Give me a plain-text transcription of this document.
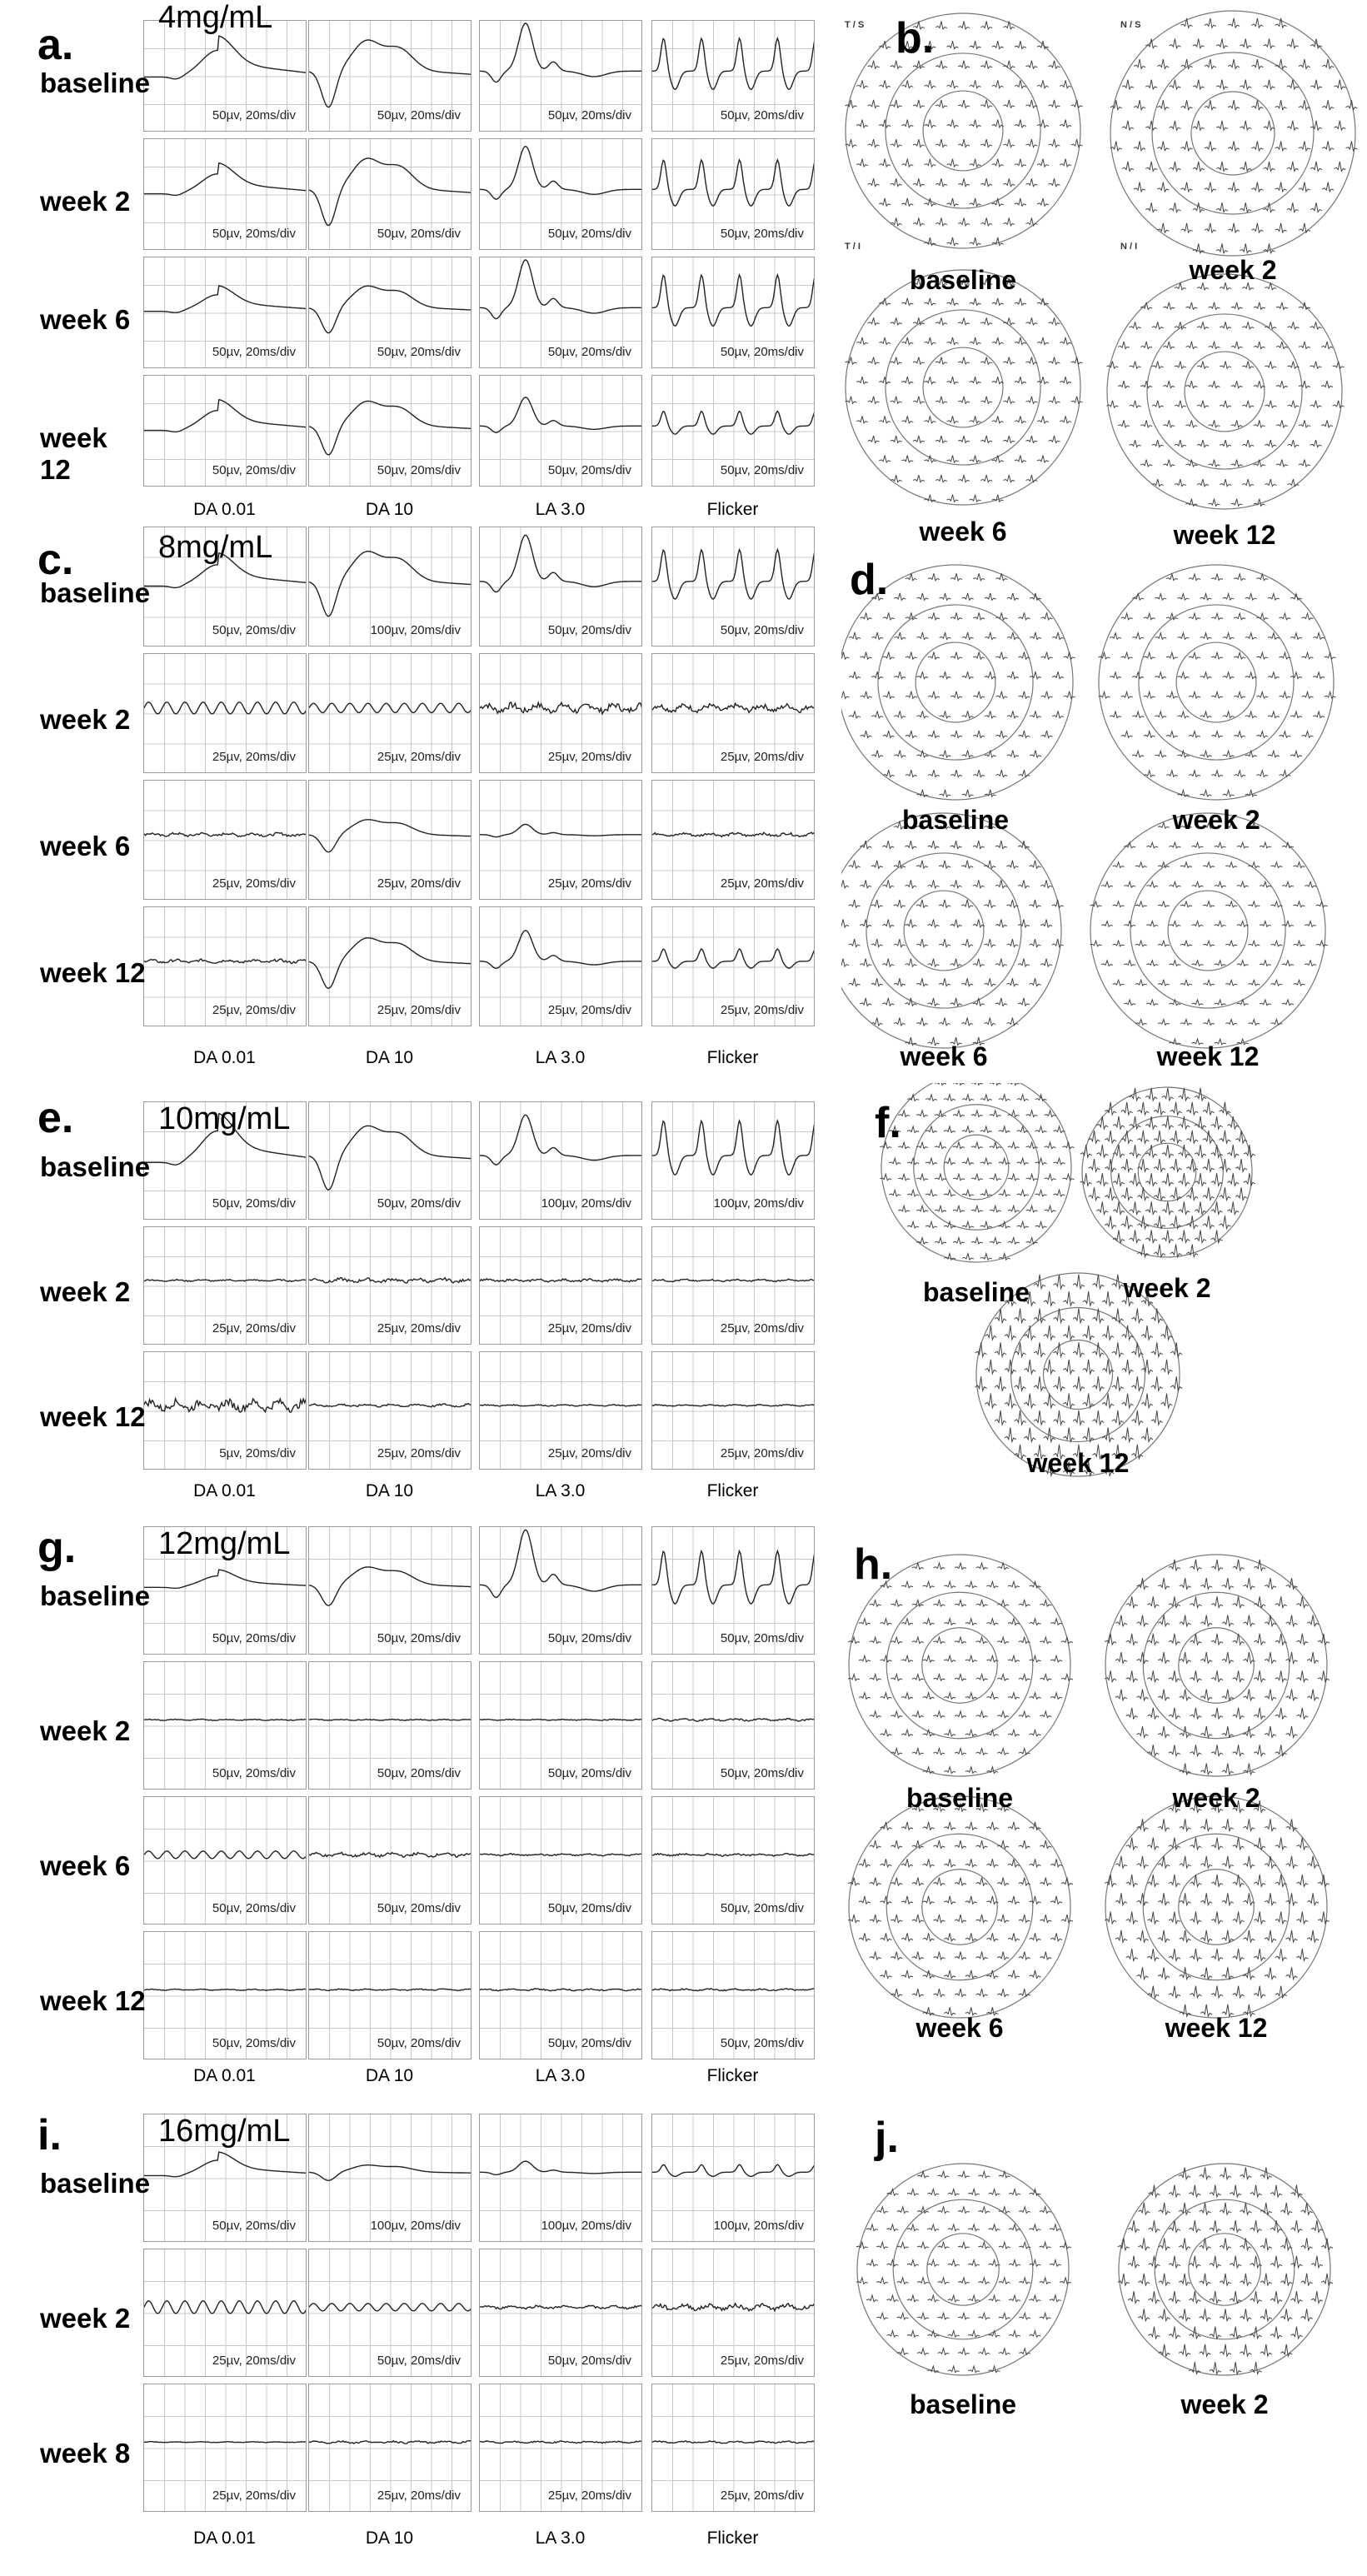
a.
4mg/mL
baseline
50µv, 20ms/div	50µv, 20ms/div	50µv, 20ms/div	50µv, 20ms/div
week 2
50µv, 20ms/div	50µv, 20ms/div	50µv, 20ms/div	50µv, 20ms/div
week 6
50µv, 20ms/div	50µv, 20ms/div	50µv, 20ms/div	50µv, 20ms/div
week 12	50µv, 20ms/div	50µv, 20ms/div	50µv, 20ms/div	50µv, 20ms/div
DA 0.01	DA 10	LA 3.0	Flicker
c.	8mg/mL
baseline
50µv, 20ms/div	100µv, 20ms/div	50µv, 20ms/div	50µv, 20ms/div
week 2
25µv, 20ms/div	25µv, 20ms/div	25µv, 20ms/div	25µv, 20ms/div
week 6
25µv, 20ms/div	25µv, 20ms/div	25µv, 20ms/div	25µv, 20ms/div
week 12
25µv, 20ms/div	25µv, 20ms/div	25µv, 20ms/div	25µv, 20ms/div
DA 0.01	DA 10	LA 3.0	Flicker
e.	10mg/mL
baseline
50µv, 20ms/div	50µv, 20ms/div	100µv, 20ms/div	100µv, 20ms/div
week 2
25µv, 20ms/div	25µv, 20ms/div	25µv, 20ms/div	25µv, 20ms/div
week 12
5µv, 20ms/div	25µv, 20ms/div	25µv, 20ms/div	25µv, 20ms/div
DA 0.01	DA 10	LA 3.0	Flicker
g.	12mg/mL
baseline
50µv, 20ms/div	50µv, 20ms/div	50µv, 20ms/div	50µv, 20ms/div
week 2
50µv, 20ms/div	50µv, 20ms/div	50µv, 20ms/div	50µv, 20ms/div
week 6
50µv, 20ms/div	50µv, 20ms/div	50µv, 20ms/div	50µv, 20ms/div
week 12
50µv, 20ms/div	50µv, 20ms/div	50µv, 20ms/div	50µv, 20ms/div
DA 0.01	DA 10	LA 3.0	Flicker
i.	16mg/mL
baseline
50µv, 20ms/div	100µv, 20ms/div	100µv, 20ms/div	100µv, 20ms/div
week 2
25µv, 20ms/div	50µv, 20ms/div	50µv, 20ms/div	25µv, 20ms/div
week 8
25µv, 20ms/div	25µv, 20ms/div	25µv, 20ms/div	25µv, 20ms/div
DA 0.01	DA 10	LA 3.0	Flicker
baseline	week 2
week 6	week 12
b.
T / S	N / S
T / I	N / I
baseline	week 2
week 6	week 12
d.
baseline	week 2
week 12
f.
baseline	week 2
week 6	week 12
h.
baseline	week 2
j.
